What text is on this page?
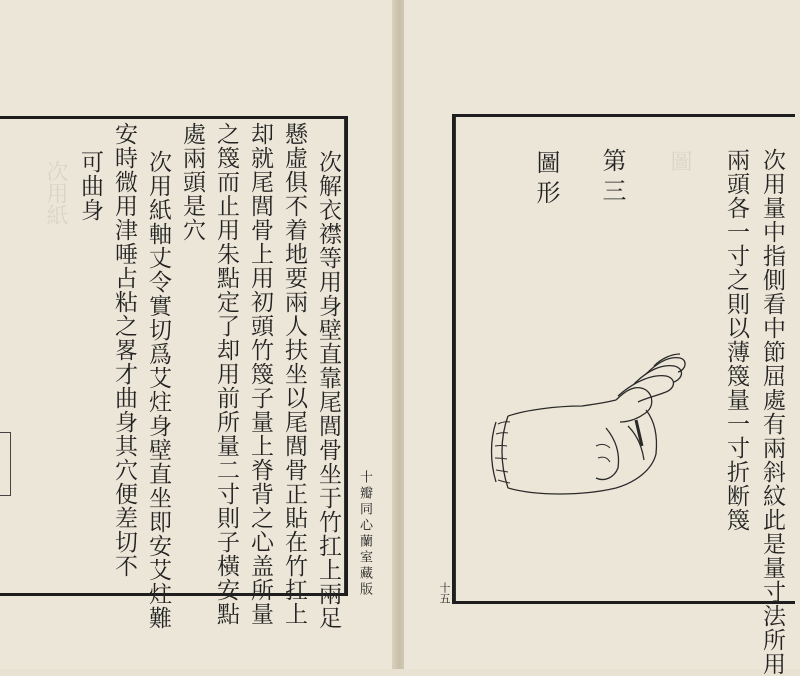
次用紙	次解衣襟等用身壁直靠尾閭骨坐于竹扛上兩足
懸虛俱不着地要兩人扶坐以尾閭骨正貼在竹扛上
却就尾閭骨上用初頭竹篾子量上脊背之心盖所量
之篾而止用朱點定了却用前所量二寸則子橫安點
處兩頭是穴
次用紙軸丈令實切爲艾炷身壁直坐即安艾炷難
安時微用津唾占粘之畧才曲身其穴便差切不
可曲身
十瓣同心蘭室藏版
圖	次用量中指側看中節屈處有兩斜紋此是量寸法所用
兩頭各一寸之則以薄篾量一寸折断篾
第三
圖形
十五
